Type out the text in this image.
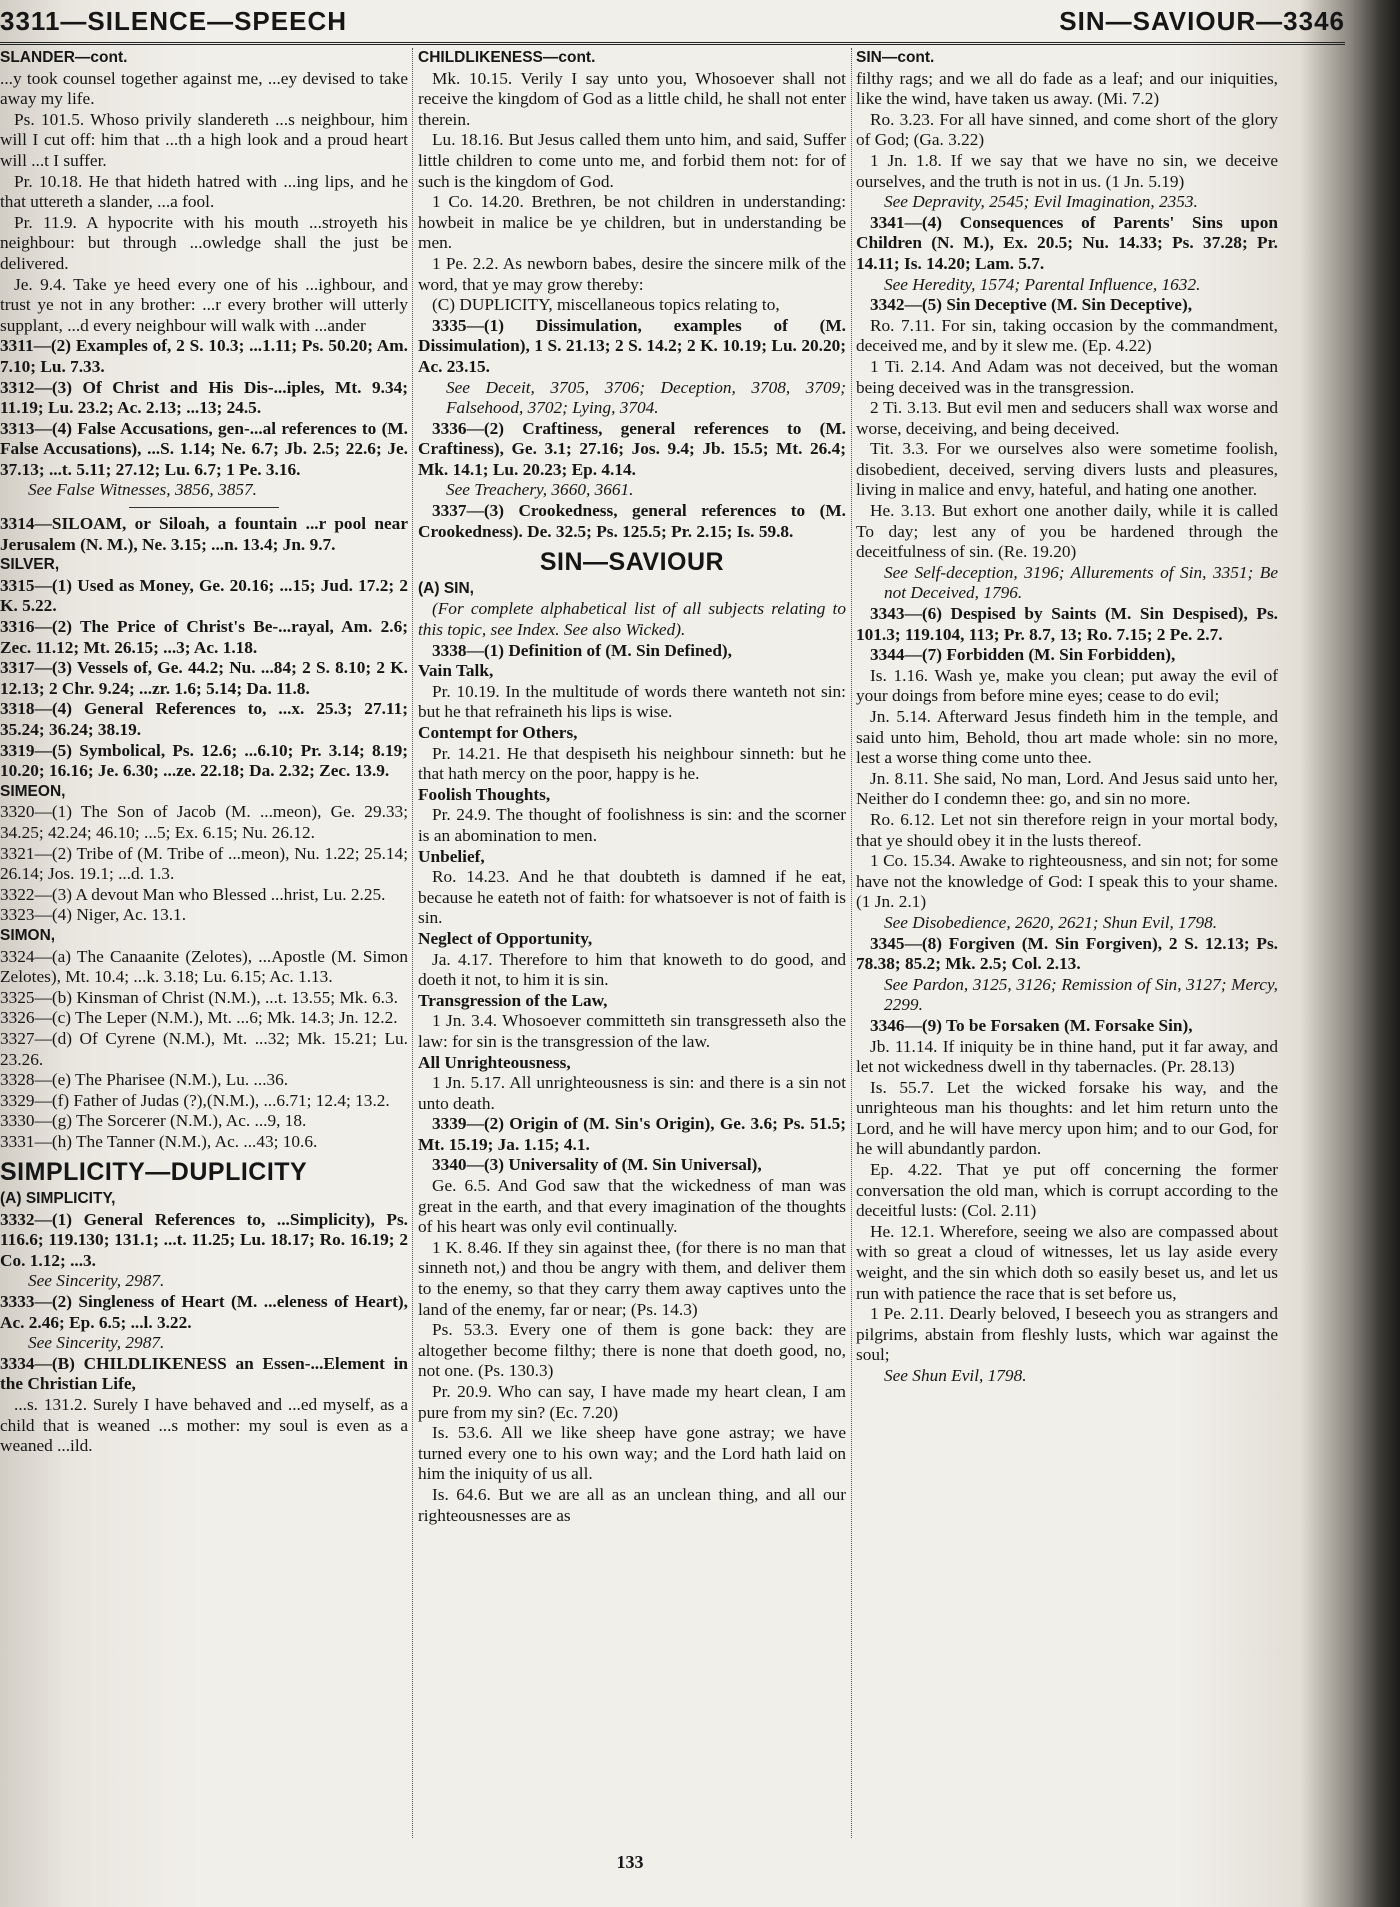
3311—SILENCE—SPEECH	SIN—SAVIOUR—3346

SLANDER—cont.

...y took counsel together against me, ...ey devised to take away my life.

Ps. 101.5. Whoso privily slandereth ...s neighbour, him will I cut off: him that ...th a high look and a proud heart will ...t I suffer.

Pr. 10.18. He that hideth hatred with ...ing lips, and he that uttereth a slander, ...a fool.

Pr. 11.9. A hypocrite with his mouth ...stroyeth his neighbour: but through ...owledge shall the just be delivered.

Je. 9.4. Take ye heed every one of his ...ighbour, and trust ye not in any brother: ...r every brother will utterly supplant, ...d every neighbour will walk with ...ander

3311—(2) Examples of, 2 S. 10.3; ...1.11; Ps. 50.20; Am. 7.10; Lu. 7.33.

3312—(3) Of Christ and His Dis-...iples, Mt. 9.34; 11.19; Lu. 23.2; Ac. 2.13; ...13; 24.5.

3313—(4) False Accusations, gen-...al references to (M. False Accusations), ...S. 1.14; Ne. 6.7; Jb. 2.5; 22.6; Je. 37.13; ...t. 5.11; 27.12; Lu. 6.7; 1 Pe. 3.16.

See False Witnesses, 3856, 3857.

3314—SILOAM, or Siloah, a fountain ...r pool near Jerusalem (N. M.), Ne. 3.15; ...n. 13.4; Jn. 9.7.

SILVER,

3315—(1) Used as Money, Ge. 20.16; ...15; Jud. 17.2; 2 K. 5.22.

3316—(2) The Price of Christ's Be-...rayal, Am. 2.6; Zec. 11.12; Mt. 26.15; ...3; Ac. 1.18.

3317—(3) Vessels of, Ge. 44.2; Nu. ...84; 2 S. 8.10; 2 K. 12.13; 2 Chr. 9.24; ...zr. 1.6; 5.14; Da. 11.8.

3318—(4) General References to, ...x. 25.3; 27.11; 35.24; 36.24; 38.19.

3319—(5) Symbolical, Ps. 12.6; ...6.10; Pr. 3.14; 8.19; 10.20; 16.16; Je. 6.30; ...ze. 22.18; Da. 2.32; Zec. 13.9.

SIMEON,

3320—(1) The Son of Jacob (M. ...meon), Ge. 29.33; 34.25; 42.24; 46.10; ...5; Ex. 6.15; Nu. 26.12.

3321—(2) Tribe of (M. Tribe of ...meon), Nu. 1.22; 25.14; 26.14; Jos. 19.1; ...d. 1.3.

3322—(3) A devout Man who Blessed ...hrist, Lu. 2.25.

3323—(4) Niger, Ac. 13.1.

SIMON,

3324—(a) The Canaanite (Zelotes), ...Apostle (M. Simon Zelotes), Mt. 10.4; ...k. 3.18; Lu. 6.15; Ac. 1.13.

3325—(b) Kinsman of Christ (N.M.), ...t. 13.55; Mk. 6.3.

3326—(c) The Leper (N.M.), Mt. ...6; Mk. 14.3; Jn. 12.2.

3327—(d) Of Cyrene (N.M.), Mt. ...32; Mk. 15.21; Lu. 23.26.

3328—(e) The Pharisee (N.M.), Lu. ...36.

3329—(f) Father of Judas (?),(N.M.), ...6.71; 12.4; 13.2.

3330—(g) The Sorcerer (N.M.), Ac. ...9, 18.

3331—(h) The Tanner (N.M.), Ac. ...43; 10.6.

SIMPLICITY—DUPLICITY

(A) SIMPLICITY,

3332—(1) General References to, ...Simplicity), Ps. 116.6; 119.130; 131.1; ...t. 11.25; Lu. 18.17; Ro. 16.19; 2 Co. 1.12; ...3.

See Sincerity, 2987.

3333—(2) Singleness of Heart (M. ...eleness of Heart), Ac. 2.46; Ep. 6.5; ...l. 3.22.

See Sincerity, 2987.

3334—(B) CHILDLIKENESS an Essen-...Element in the Christian Life,

...s. 131.2. Surely I have behaved and ...ed myself, as a child that is weaned ...s mother: my soul is even as a weaned ...ild.

CHILDLIKENESS—cont.

Mk. 10.15. Verily I say unto you, Whosoever shall not receive the kingdom of God as a little child, he shall not enter therein.

Lu. 18.16. But Jesus called them unto him, and said, Suffer little children to come unto me, and forbid them not: for of such is the kingdom of God.

1 Co. 14.20. Brethren, be not children in understanding: howbeit in malice be ye children, but in understanding be men.

1 Pe. 2.2. As newborn babes, desire the sincere milk of the word, that ye may grow thereby:

(C) DUPLICITY, miscellaneous topics relating to,

3335—(1) Dissimulation, examples of (M. Dissimulation), 1 S. 21.13; 2 S. 14.2; 2 K. 10.19; Lu. 20.20; Ac. 23.15.

See Deceit, 3705, 3706; Deception, 3708, 3709; Falsehood, 3702; Lying, 3704.

3336—(2) Craftiness, general references to (M. Craftiness), Ge. 3.1; 27.16; Jos. 9.4; Jb. 15.5; Mt. 26.4; Mk. 14.1; Lu. 20.23; Ep. 4.14.

See Treachery, 3660, 3661.

3337—(3) Crookedness, general references to (M. Crookedness). De. 32.5; Ps. 125.5; Pr. 2.15; Is. 59.8.

SIN—SAVIOUR

(A) SIN,

(For complete alphabetical list of all subjects relating to this topic, see Index. See also Wicked).

3338—(1) Definition of (M. Sin Defined),

Vain Talk,

Pr. 10.19. In the multitude of words there wanteth not sin: but he that refraineth his lips is wise.

Contempt for Others,

Pr. 14.21. He that despiseth his neighbour sinneth: but he that hath mercy on the poor, happy is he.

Foolish Thoughts,

Pr. 24.9. The thought of foolishness is sin: and the scorner is an abomination to men.

Unbelief,

Ro. 14.23. And he that doubteth is damned if he eat, because he eateth not of faith: for whatsoever is not of faith is sin.

Neglect of Opportunity,

Ja. 4.17. Therefore to him that knoweth to do good, and doeth it not, to him it is sin.

Transgression of the Law,

1 Jn. 3.4. Whosoever committeth sin transgresseth also the law: for sin is the transgression of the law.

All Unrighteousness,

1 Jn. 5.17. All unrighteousness is sin: and there is a sin not unto death.

3339—(2) Origin of (M. Sin's Origin), Ge. 3.6; Ps. 51.5; Mt. 15.19; Ja. 1.15; 4.1.

3340—(3) Universality of (M. Sin Universal),

Ge. 6.5. And God saw that the wickedness of man was great in the earth, and that every imagination of the thoughts of his heart was only evil continually.

1 K. 8.46. If they sin against thee, (for there is no man that sinneth not,) and thou be angry with them, and deliver them to the enemy, so that they carry them away captives unto the land of the enemy, far or near; (Ps. 14.3)

Ps. 53.3. Every one of them is gone back: they are altogether become filthy; there is none that doeth good, no, not one. (Ps. 130.3)

Pr. 20.9. Who can say, I have made my heart clean, I am pure from my sin? (Ec. 7.20)

Is. 53.6. All we like sheep have gone astray; we have turned every one to his own way; and the Lord hath laid on him the iniquity of us all.

Is. 64.6. But we are all as an unclean thing, and all our righteousnesses are as

SIN—cont.

filthy rags; and we all do fade as a leaf; and our iniquities, like the wind, have taken us away. (Mi. 7.2)

Ro. 3.23. For all have sinned, and come short of the glory of God; (Ga. 3.22)

1 Jn. 1.8. If we say that we have no sin, we deceive ourselves, and the truth is not in us. (1 Jn. 5.19)

See Depravity, 2545; Evil Imagination, 2353.

3341—(4) Consequences of Parents' Sins upon Children (N. M.), Ex. 20.5; Nu. 14.33; Ps. 37.28; Pr. 14.11; Is. 14.20; Lam. 5.7.

See Heredity, 1574; Parental Influence, 1632.

3342—(5) Sin Deceptive (M. Sin Deceptive),

Ro. 7.11. For sin, taking occasion by the commandment, deceived me, and by it slew me. (Ep. 4.22)

1 Ti. 2.14. And Adam was not deceived, but the woman being deceived was in the transgression.

2 Ti. 3.13. But evil men and seducers shall wax worse and worse, deceiving, and being deceived.

Tit. 3.3. For we ourselves also were sometime foolish, disobedient, deceived, serving divers lusts and pleasures, living in malice and envy, hateful, and hating one another.

He. 3.13. But exhort one another daily, while it is called To day; lest any of you be hardened through the deceitfulness of sin. (Re. 19.20)

See Self-deception, 3196; Allurements of Sin, 3351; Be not Deceived, 1796.

3343—(6) Despised by Saints (M. Sin Despised), Ps. 101.3; 119.104, 113; Pr. 8.7, 13; Ro. 7.15; 2 Pe. 2.7.

3344—(7) Forbidden (M. Sin Forbidden),

Is. 1.16. Wash ye, make you clean; put away the evil of your doings from before mine eyes; cease to do evil;

Jn. 5.14. Afterward Jesus findeth him in the temple, and said unto him, Behold, thou art made whole: sin no more, lest a worse thing come unto thee.

Jn. 8.11. She said, No man, Lord. And Jesus said unto her, Neither do I condemn thee: go, and sin no more.

Ro. 6.12. Let not sin therefore reign in your mortal body, that ye should obey it in the lusts thereof.

1 Co. 15.34. Awake to righteousness, and sin not; for some have not the knowledge of God: I speak this to your shame. (1 Jn. 2.1)

See Disobedience, 2620, 2621; Shun Evil, 1798.

3345—(8) Forgiven (M. Sin Forgiven), 2 S. 12.13; Ps. 78.38; 85.2; Mk. 2.5; Col. 2.13.

See Pardon, 3125, 3126; Remission of Sin, 3127; Mercy, 2299.

3346—(9) To be Forsaken (M. Forsake Sin),

Jb. 11.14. If iniquity be in thine hand, put it far away, and let not wickedness dwell in thy tabernacles. (Pr. 28.13)

Is. 55.7. Let the wicked forsake his way, and the unrighteous man his thoughts: and let him return unto the Lord, and he will have mercy upon him; and to our God, for he will abundantly pardon.

Ep. 4.22. That ye put off concerning the former conversation the old man, which is corrupt according to the deceitful lusts: (Col. 2.11)

He. 12.1. Wherefore, seeing we also are compassed about with so great a cloud of witnesses, let us lay aside every weight, and the sin which doth so easily beset us, and let us run with patience the race that is set before us,

1 Pe. 2.11. Dearly beloved, I beseech you as strangers and pilgrims, abstain from fleshly lusts, which war against the soul;

See Shun Evil, 1798.

133
